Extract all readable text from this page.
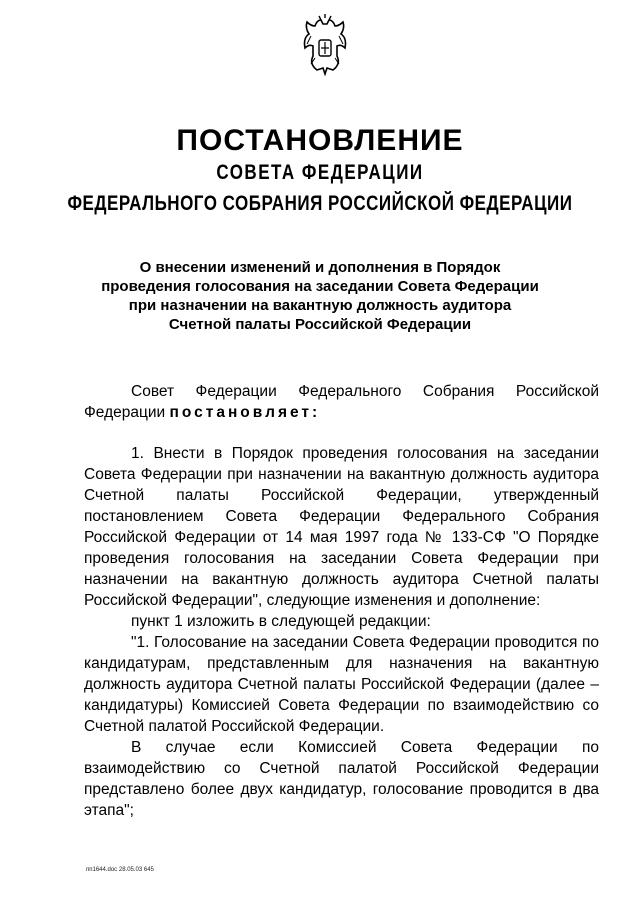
ПОСТАНОВЛЕНИЕ
СОВЕТА ФЕДЕРАЦИИ
ФЕДЕРАЛЬНОГО СОБРАНИЯ РОССИЙСКОЙ ФЕДЕРАЦИИ
О внесении изменений и дополнения в Порядок
проведения голосования на заседании Совета Федерации
при назначении на вакантную должность аудитора
Счетной палаты Российской Федерации

Совет Федерации Федерального Собрания Российской Федерации постановляет:

1. Внести в Порядок проведения голосования на заседании Совета Федерации при назначении на вакантную должность аудитора Счетной палаты Российской Федерации, утвержденный постановлением Совета Федерации Федерального Собрания Российской Федерации от 14 мая 1997 года № 133-СФ "О Порядке проведения голосования на заседании Совета Федерации при назначении на вакантную должность аудитора Счетной палаты Российской Федерации", следующие изменения и дополнение:

пункт 1 изложить в следующей редакции:

"1. Голосование на заседании Совета Федерации проводится по кандидатурам, представленным для назначения на вакантную должность аудитора Счетной палаты Российской Федерации (далее – кандидатуры) Комиссией Совета Федерации по взаимодействию со Счетной палатой Российской Федерации.

В случае если Комиссией Совета Федерации по взаимодействию со Счетной палатой Российской Федерации представлено более двух кандидатур, голосование проводится в два этапа";

пп1644.doc 28.05.03 645
